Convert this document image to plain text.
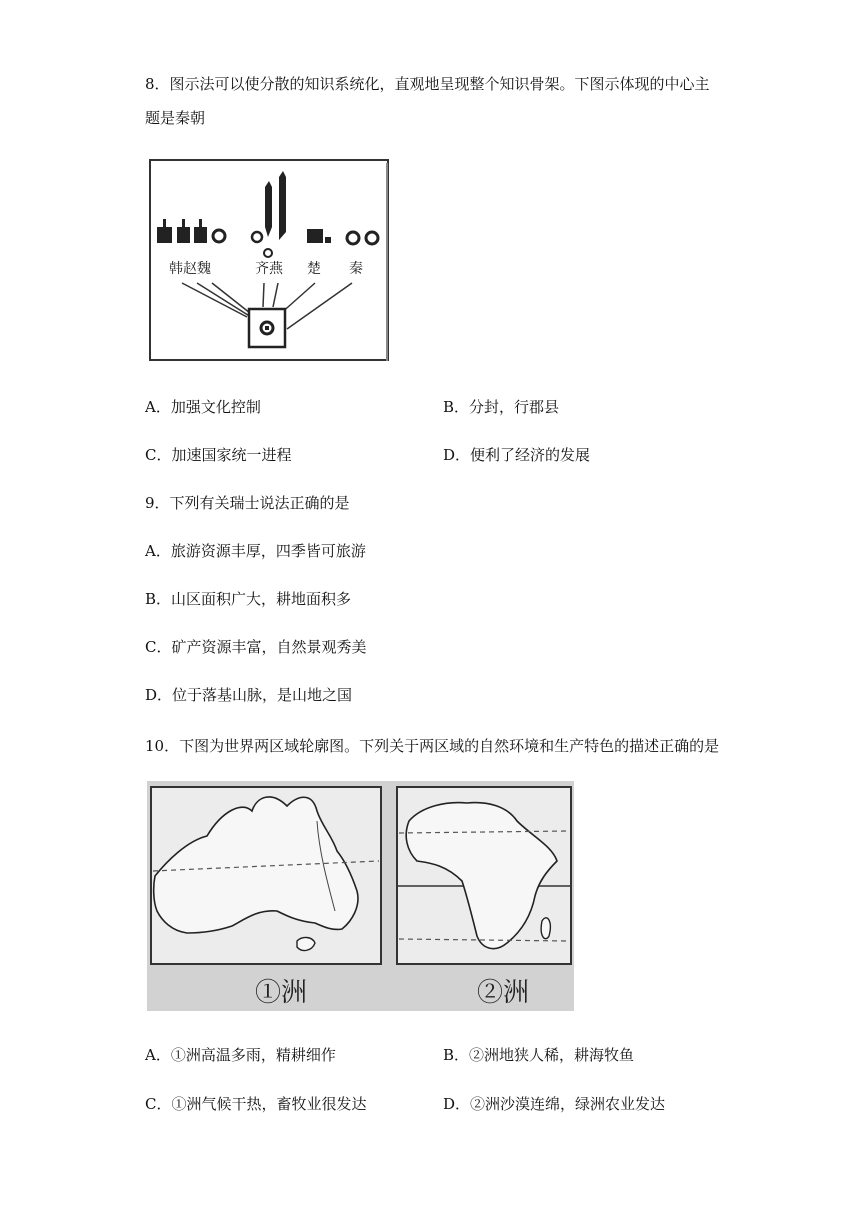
8．图示法可以使分散的知识系统化，直观地呈现整个知识骨架。下图示体现的中心主
题是秦朝
韩赵魏	齐燕 楚 秦
A．加强文化控制	B．分封，行郡县
C．加速国家统一进程	D．便利了经济的发展
9．下列有关瑞士说法正确的是
A．旅游资源丰厚，四季皆可旅游
B．山区面积广大，耕地面积多
C．矿产资源丰富，自然景观秀美
D．位于落基山脉，是山地之国
10．下图为世界两区域轮廓图。下列关于两区域的自然环境和生产特色的描述正确的是
①洲	②洲
A．①洲高温多雨，精耕细作	B．②洲地狭人稀，耕海牧鱼
C．①洲气候干热，畜牧业很发达	D．②洲沙漠连绵，绿洲农业发达
